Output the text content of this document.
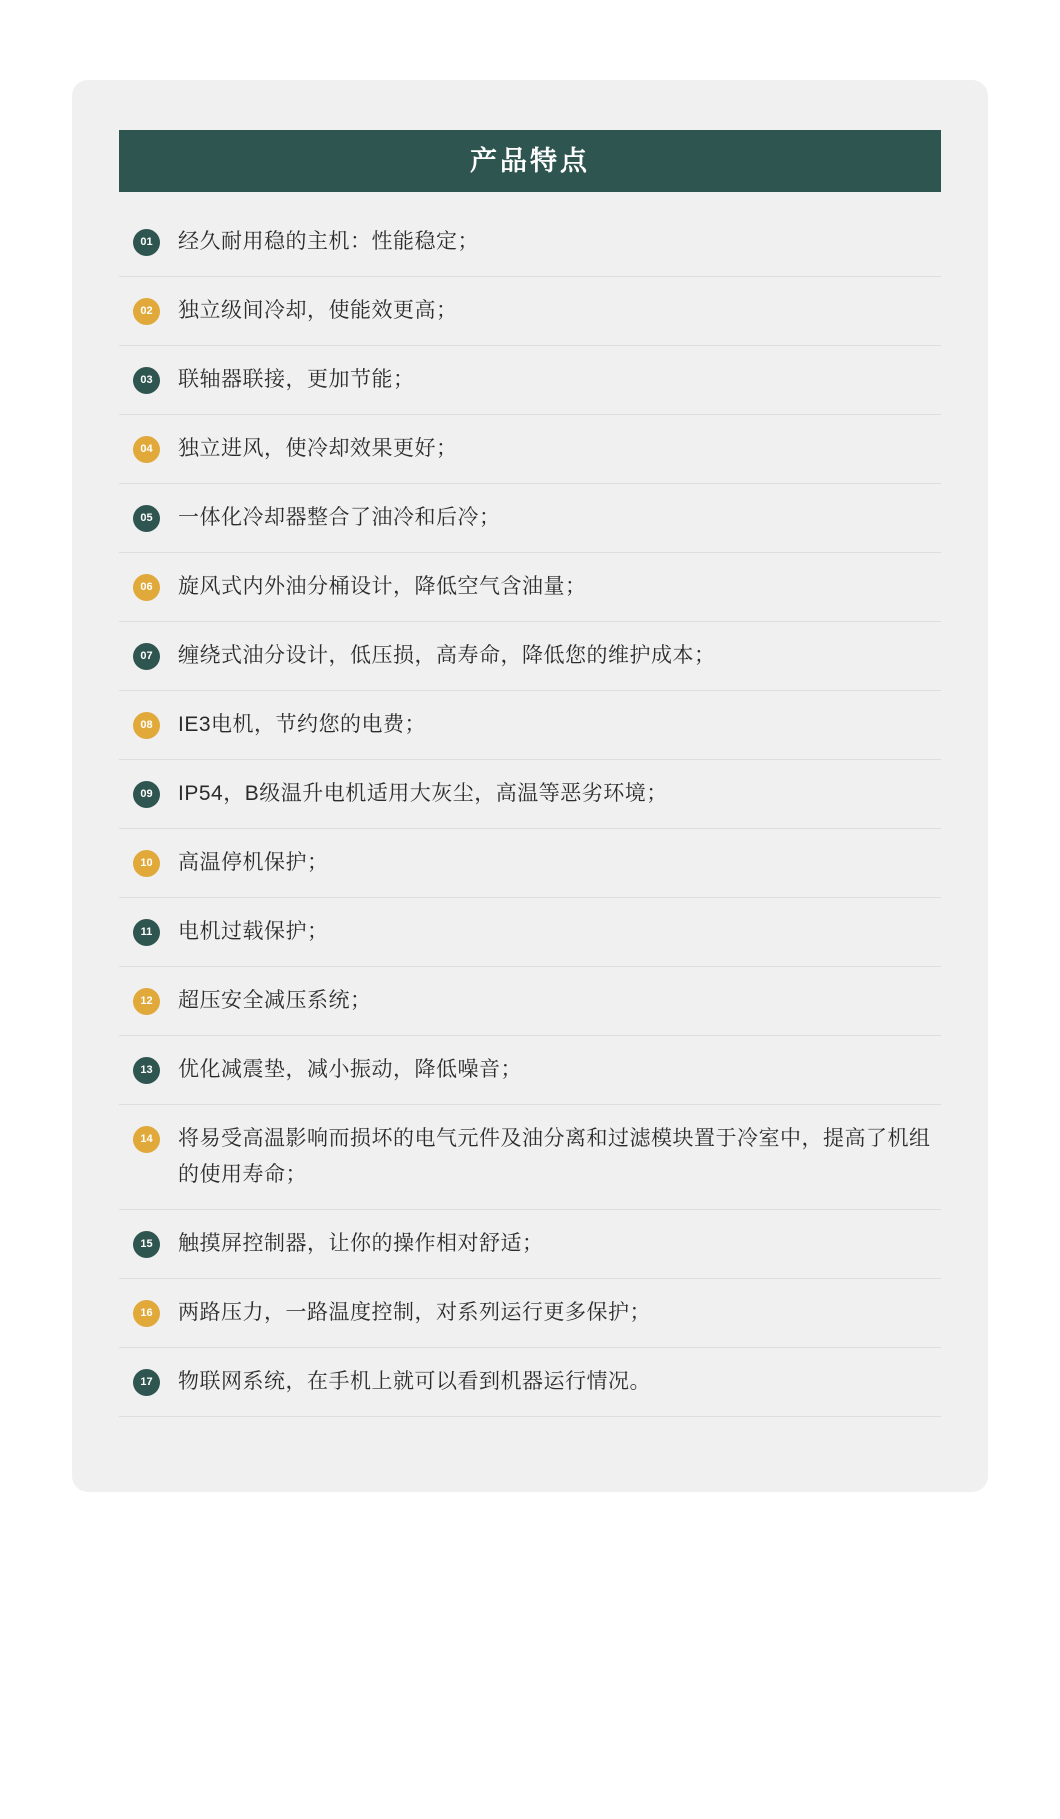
产品特点
01	经久耐用稳的主机：性能稳定；
02	独立级间冷却，使能效更高；
03	联轴器联接，更加节能；
04	独立进风，使冷却效果更好；
05	一体化冷却器整合了油冷和后冷；
06	旋风式内外油分桶设计，降低空气含油量；
07	缠绕式油分设计，低压损，高寿命，降低您的维护成本；
08	IE3电机，节约您的电费；
09	IP54，B级温升电机适用大灰尘，高温等恶劣环境；
10	高温停机保护；
11	电机过载保护；
12	超压安全减压系统；
13	优化减震垫，减小振动，降低噪音；
14	将易受高温影响而损坏的电气元件及油分离和过滤模块置于冷室中，提高了机组的使用寿命；
15	触摸屏控制器，让你的操作相对舒适；
16	两路压力，一路温度控制，对系列运行更多保护；
17	物联网系统，在手机上就可以看到机器运行情况。
